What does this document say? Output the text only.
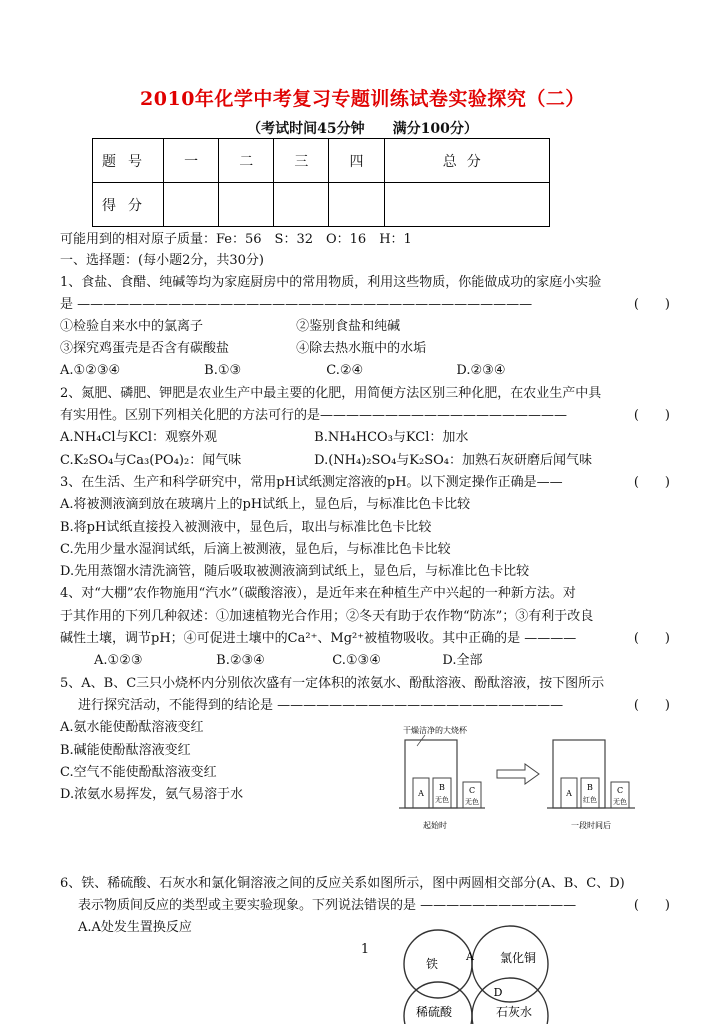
2010年化学中考复习专题训练试卷实验探究（二）
（考试时间45分钟　　满分100分）
题号	一	二	三	四	总分
得分					
可能用到的相对原子质量：Fe：56　S：32　O：16　H：1
一、选择题：(每小题2分，共30分)
1、食盐、食醋、纯碱等均为家庭厨房中的常用物质，利用这些物质，你能做成功的家庭小实验
是 ———————————————————————————————————	(　　)
①检验自来水中的氯离子	②鉴别食盐和纯碱
③探究鸡蛋壳是否含有碳酸盐	④除去热水瓶中的水垢
A.①②③④	B.①③	C.②④	D.②③④
2、氮肥、磷肥、钾肥是农业生产中最主要的化肥，用简便方法区别三种化肥，在农业生产中具
有实用性。区别下列相关化肥的方法可行的是———————————————————	(　　)
A.NH₄Cl与KCl：观察外观	B.NH₄HCO₃与KCl：加水
C.K₂SO₄与Ca₃(PO₄)₂：闻气味	D.(NH₄)₂SO₄与K₂SO₄：加熟石灰研磨后闻气味
3、在生活、生产和科学研究中，常用pH试纸测定溶液的pH。以下测定操作正确是——	(　　)
A.将被测液滴到放在玻璃片上的pH试纸上，显色后，与标准比色卡比较
B.将pH试纸直接投入被测液中，显色后，取出与标准比色卡比较
C.先用少量水湿润试纸，后滴上被测液，显色后，与标准比色卡比较
D.先用蒸馏水清洗滴管，随后吸取被测液滴到试纸上，显色后，与标准比色卡比较
4、对“大棚”农作物施用“汽水”（碳酸溶液），是近年来在种植生产中兴起的一种新方法。对
于其作用的下列几种叙述：①加速植物光合作用；②冬天有助于农作物“防冻”；③有利于改良
碱性土壤，调节pH；④可促进土壤中的Ca²⁺、Mg²⁺被植物吸收。其中正确的是 ————	(　　)
A.①②③	B.②③④	C.①③④	D.全部
5、A、B、C三只小烧杯内分别依次盛有一定体积的浓氨水、酚酞溶液、酚酞溶液，按下图所示
进行探究活动，不能得到的结论是 ——————————————————————	(　　)
A.氨水能使酚酞溶液变红
B.碱能使酚酞溶液变红
C.空气不能使酚酞溶液变红
D.浓氨水易挥发，氨气易溶于水
干燥洁净的大烧杯
A
B
无色
C
无色
起始时
A
B
红色
C
无色
一段时间后
6、铁、稀硫酸、石灰水和氯化铜溶液之间的反应关系如图所示，图中两圆相交部分(A、B、C、D)
表示物质间反应的类型或主要实验现象。下列说法错误的是 ————————————	(　　)
A.A处发生置换反应
1
铁
A 氯化铜
D
稀硫酸	石灰水
